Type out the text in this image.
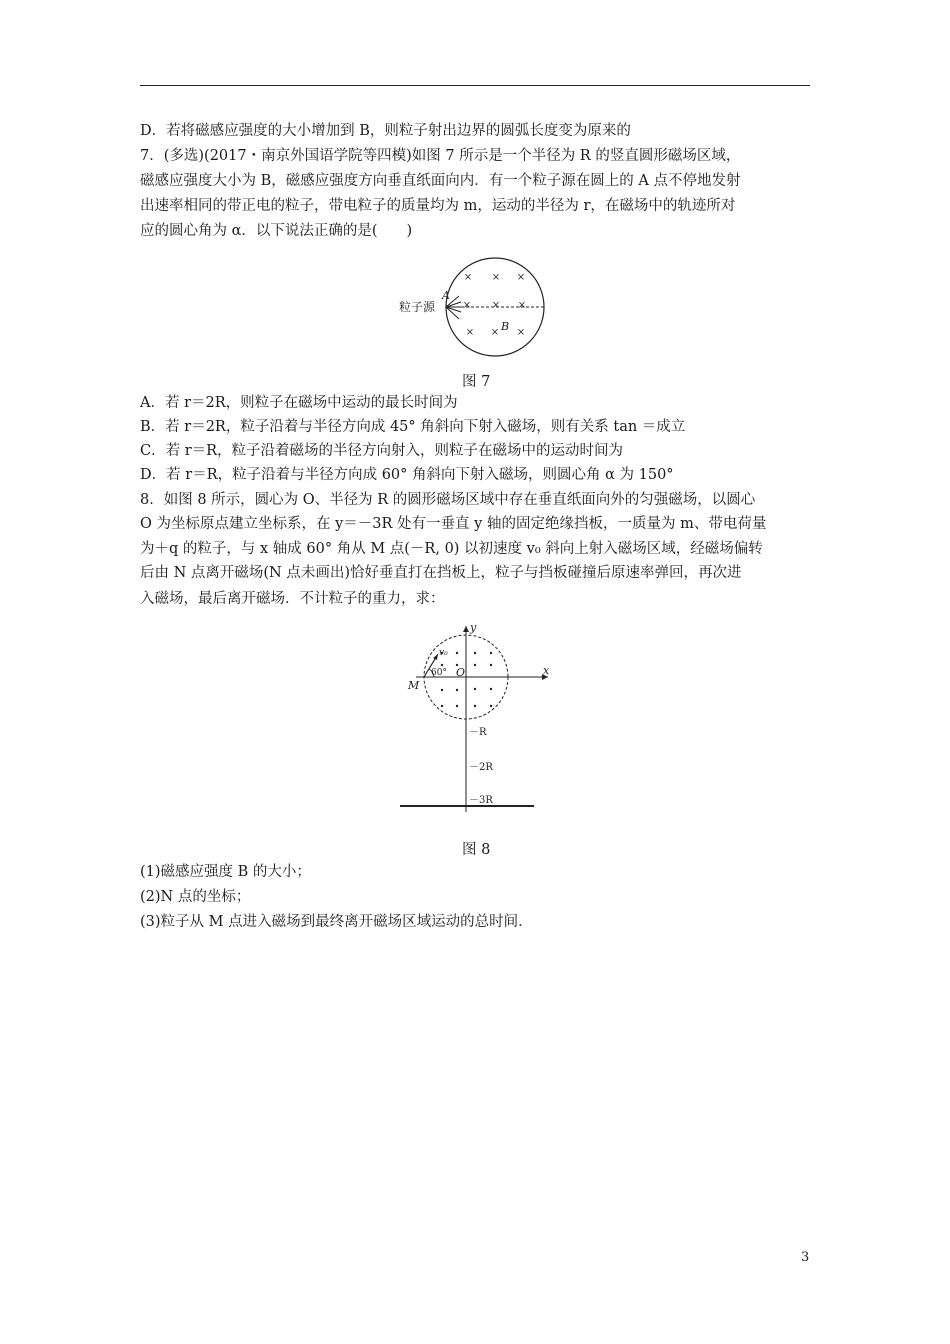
D．若将磁感应强度的大小增加到 B，则粒子射出边界的圆弧长度变为原来的
7．(多选)(2017・南京外国语学院等四模)如图 7 所示是一个半径为 R 的竖直圆形磁场区域，
磁感应强度大小为 B，磁感应强度方向垂直纸面向内．有一个粒子源在圆上的 A 点不停地发射
出速率相同的带正电的粒子，带电粒子的质量均为 m，运动的半径为 r，在磁场中的轨迹所对
应的圆心角为 α．以下说法正确的是(　　)
× × ×
× × ×
× × ×
A
B
粒子源
图 7
A．若 r＝2R，则粒子在磁场中运动的最长时间为
B．若 r＝2R，粒子沿着与半径方向成 45° 角斜向下射入磁场，则有关系 tan ＝成立
C．若 r＝R，粒子沿着磁场的半径方向射入，则粒子在磁场中的运动时间为
D．若 r＝R，粒子沿着与半径方向成 60° 角斜向下射入磁场，则圆心角 α 为 150°
8．如图 8 所示，圆心为 O、半径为 R 的圆形磁场区域中存在垂直纸面向外的匀强磁场，以圆心
O 为坐标原点建立坐标系，在 y＝－3R 处有一垂直 y 轴的固定绝缘挡板，一质量为 m、带电荷量
为＋q 的粒子，与 x 轴成 60° 角从 M 点(－R, 0) 以初速度 v₀ 斜向上射入磁场区域，经磁场偏转
后由 N 点离开磁场(N 点未画出)恰好垂直打在挡板上，粒子与挡板碰撞后原速率弹回，再次进
入磁场，最后离开磁场．不计粒子的重力，求：
y
x
O
M
60°
v₀
－R
－2R
－3R
图 8
(1)磁感应强度 B 的大小；
(2)N 点的坐标；
(3)粒子从 M 点进入磁场到最终离开磁场区域运动的总时间．
3
